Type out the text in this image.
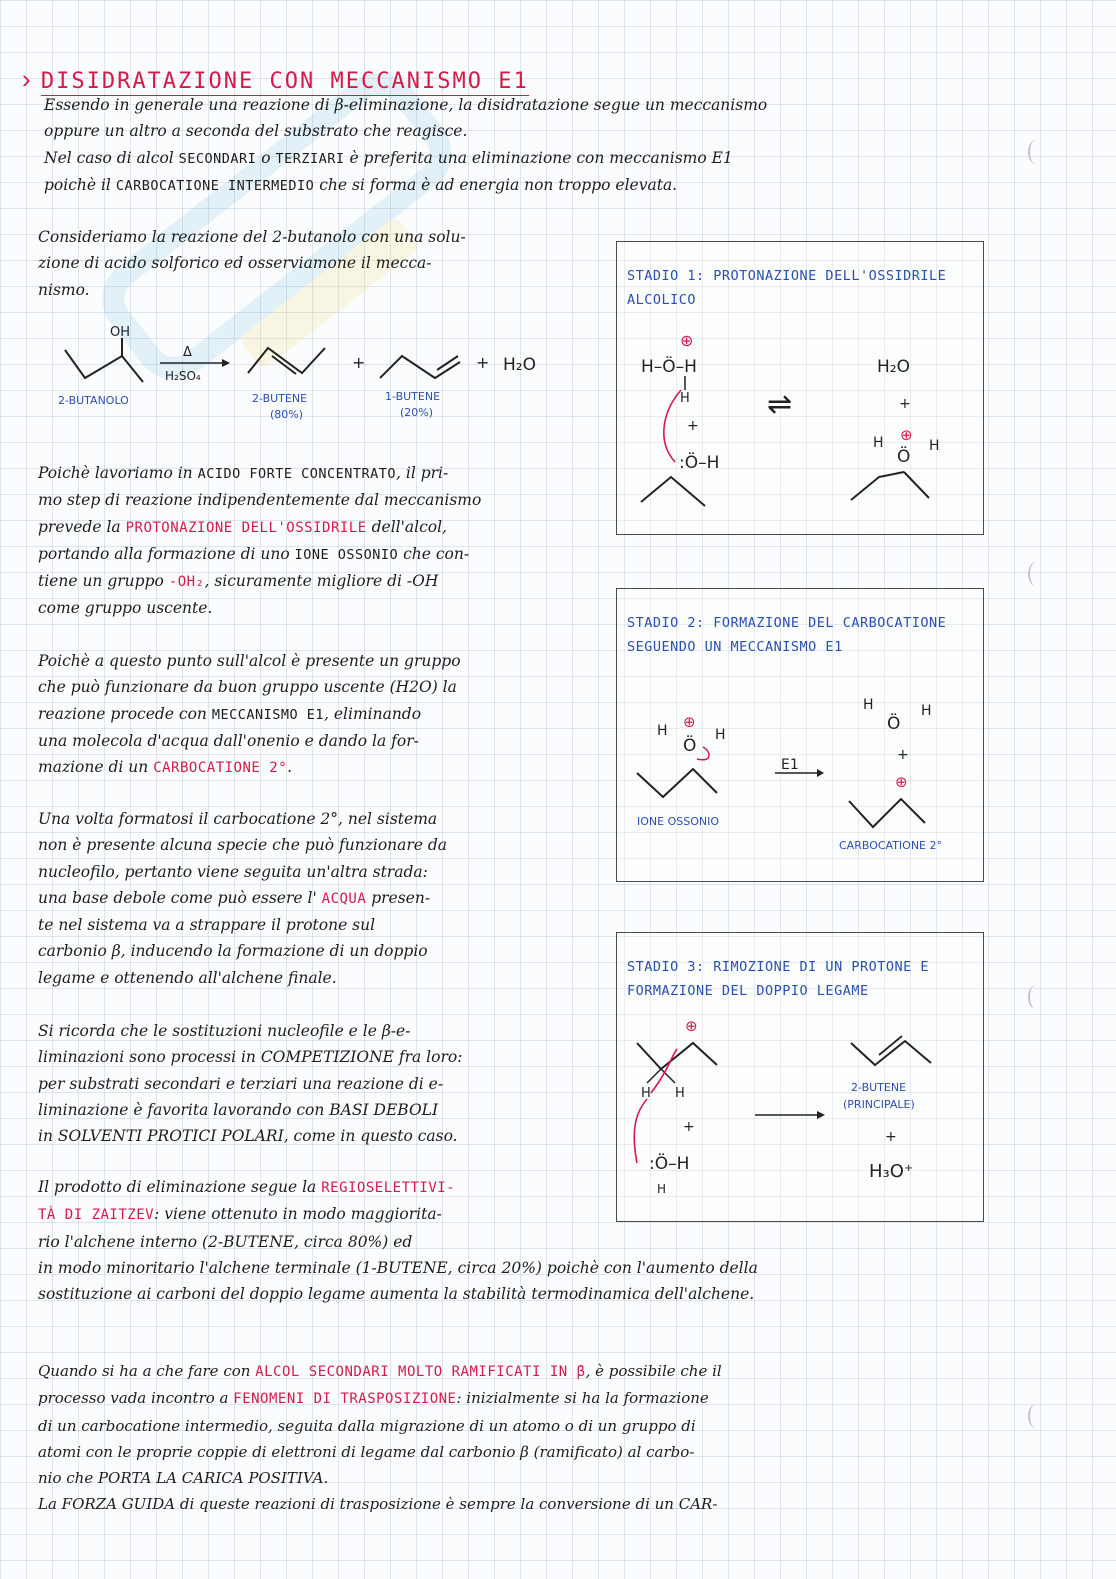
› DISIDRATAZIONE CON MECCANISMO E1
Essendo in generale una reazione di β-eliminazione, la disidratazione segue un meccanismo
oppure un altro a seconda del substrato che reagisce.
Nel caso di alcol SECONDARI o TERZIARI è preferita una eliminazione con meccanismo E1
poichè il CARBOCATIONE INTERMEDIO che si forma è ad energia non troppo elevata.
Consideriamo la reazione del 2-butanolo con una solu-
zione di acido solforico ed osserviamone il mecca-
nismo.
OH
Δ
H₂SO₄
+	+ H₂O
2-BUTANOLO	2-BUTENE
(80%)
1-BUTENE
(20%)
Poichè lavoriamo in ACIDO FORTE CONCENTRATO, il pri-
mo step di reazione indipendentemente dal meccanismo
prevede la PROTONAZIONE DELL'OSSIDRILE dell'alcol,
portando alla formazione di uno IONE OSSONIO che con-
tiene un gruppo -OH₂, sicuramente migliore di -OH
come gruppo uscente.
Poichè a questo punto sull'alcol è presente un gruppo
che può funzionare da buon gruppo uscente (H2O) la
reazione procede con MECCANISMO E1, eliminando
una molecola d'acqua dall'onenio e dando la for-
mazione di un CARBOCATIONE 2°.
Una volta formatosi il carbocatione 2°, nel sistema
non è presente alcuna specie che può funzionare da
nucleofilo, pertanto viene seguita un'altra strada:
una base debole come può essere l' ACQUA presen-
te nel sistema va a strappare il protone sul
carbonio β, inducendo la formazione di un doppio
legame e ottenendo all'alchene finale.
Si ricorda che le sostituzioni nucleofile e le β-e-
liminazioni sono processi in COMPETIZIONE fra loro:
per substrati secondari e terziari una reazione di e-
liminazione è favorita lavorando con BASI DEBOLI
in SOLVENTI PROTICI POLARI, come in questo caso.
Il prodotto di eliminazione segue la REGIOSELETTIVI-
TÀ DI ZAITZEV: viene ottenuto in modo maggiorita-
rio l'alchene interno (2-BUTENE, circa 80%) ed
in modo minoritario l'alchene terminale (1-BUTENE, circa 20%) poichè con l'aumento della
sostituzione ai carboni del doppio legame aumenta la stabilità termodinamica dell'alchene.
Quando si ha a che fare con ALCOL SECONDARI MOLTO RAMIFICATI IN β, è possibile che il
processo vada incontro a FENOMENI DI TRASPOSIZIONE: inizialmente si ha la formazione
di un carbocatione intermedio, seguita dalla migrazione di un atomo o di un gruppo di
atomi con le proprie coppie di elettroni di legame dal carbonio β (ramificato) al carbo-
nio che PORTA LA CARICA POSITIVA.
La FORZA GUIDA di queste reazioni di trasposizione è sempre la conversione di un CAR-

STADIO 1: PROTONAZIONE DELL'OSSIDRILE ALCOLICO

⊕
H–Ö–H
H
+
:Ö–H
⇌
H₂O
+
⊕
H
Ö
H

STADIO 2: FORMAZIONE DEL CARBOCATIONE SEGUENDO UN MECCANISMO E1

⊕
H
Ö
H
IONE OSSONIO
E1
H
Ö
H
+
⊕
CARBOCATIONE 2°

STADIO 3: RIMOZIONE DI UN PROTONE E FORMAZIONE DEL DOPPIO LEGAME

⊕
H H
+
:Ö–H
H
2-BUTENE
(PRINCIPALE)
+
H₃O⁺
